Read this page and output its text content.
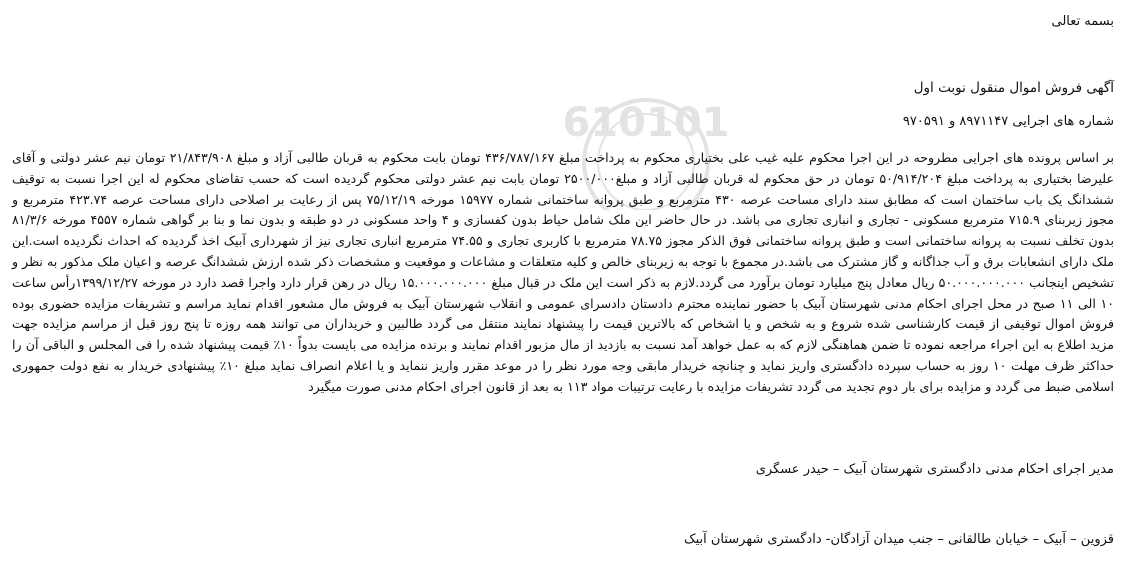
610101
بسمه تعالی
آگهی فروش اموال منقول نوبت اول
شماره های اجرایی ۸۹۷۱۱۴۷ و ۹۷۰۵۹۱
بر اساس پرونده های اجرایی مطروحه در این اجرا محکوم علیه غیب علی بختیاری محکوم به پرداخت مبلغ ۴۳۶/۷۸۷/۱۶۷ تومان بابت محکوم به قربان طالبی آزاد و مبلغ ۲۱/۸۴۳/۹۰۸ تومان نیم عشر دولتی و آقای علیرضا بختیاری به پرداخت مبلغ ۵۰/۹۱۴/۲۰۴ تومان در حق محکوم له قربان طالبی آزاد و مبلغ۲۵۰۰/۰۰۰ تومان بابت نیم عشر دولتی محکوم گردیده است که حسب تقاضای محکوم له این اجرا نسبت به توقیف ششدانگ یک باب ساختمان است که مطابق سند دارای مساحت عرصه ۴۳۰ مترمربع و طبق پروانه ساختمانی شماره ۱۵۹۷۷ مورخه ۷۵/۱۲/۱۹ پس از رعایت بر اصلاحی دارای مساحت عرصه ۴۲۳.۷۴ مترمربع و مجوز زیربنای ۷۱۵.۹ مترمربع مسکونی - تجاری و انباری تجاری می باشد. در حال حاضر این ملک شامل حیاط بدون کفسازی و ۴ واحد مسکونی در دو طبقه و بدون نما و بنا بر گواهی شماره ۴۵۵۷ مورخه ۸۱/۳/۶ بدون تخلف نسبت به پروانه ساختمانی است و طبق پروانه ساختمانی فوق الذکر مجوز ۷۸.۷۵ مترمربع با کاربری تجاری و ۷۴.۵۵ مترمربع انباری تجاری نیز از شهرداری آبیک اخذ گردیده که احداث نگردیده است.این ملک دارای انشعابات برق و آب جداگانه و گاز مشترک می باشد.در مجموع با توجه به زیربنای خالص و کلیه متعلقات و مشاعات و موقعیت و مشخصات ذکر شده ارزش ششدانگ عرصه و اعیان ملک مذکور به نظر و تشخیص اینجانب ۵۰.۰۰۰.۰۰۰.۰۰۰ ریال معادل پنج میلیارد تومان برآورد می گردد.لازم به ذکر است این ملک در قبال مبلغ ۱۵.۰۰۰.۰۰۰.۰۰۰ ریال در رهن قرار دارد واجرا قصد دارد در مورخه ۱۳۹۹/۱۲/۲۷رأس ساعت ۱۰ الی ۱۱ صبح در محل اجرای احکام مدنی شهرستان آبیک با حضور نماینده محترم دادستان دادسرای عمومی و انقلاب شهرستان آبیک به فروش مال مشعور اقدام نماید مراسم و تشریفات مزایده حضوری بوده فروش اموال توقیفی از قیمت کارشناسی شده شروع و به شخص و یا اشخاص که بالاترین قیمت را پیشنهاد نمایند منتقل می گردد طالبین و خریداران می توانند همه روزه تا پنج روز قبل از مراسم مزایده جهت مزید اطلاع به این اجراء مراجعه نموده تا ضمن هماهنگی لازم که به عمل خواهد آمد نسبت به بازدید از مال مزبور اقدام نمایند و برنده مزایده می بایست بدواً ۱۰٪ قیمت پیشنهاد شده را فی المجلس و الباقی آن را حداکثر ظرف مهلت ۱۰ روز به حساب سپرده دادگستری واریز نماید و چنانچه خریدار مابقی وجه مورد نظر را در موعد مقرر واریز ننماید و یا اعلام انصراف نماید مبلغ ۱۰٪ پیشنهادی خریدار به نفع دولت جمهوری اسلامی ضبط می گردد و مزایده برای بار دوم تجدید می گردد تشریفات مزایده با رعایت ترتیبات مواد ۱۱۳ به بعد از قانون اجرای احکام مدنی صورت میگیرد
مدیر اجرای احکام مدنی دادگستری شهرستان آبیک – حیدر عسگری
قزوین – آبیک – خیابان طالقانی – جنب میدان آزادگان- دادگستری شهرستان آبیک
